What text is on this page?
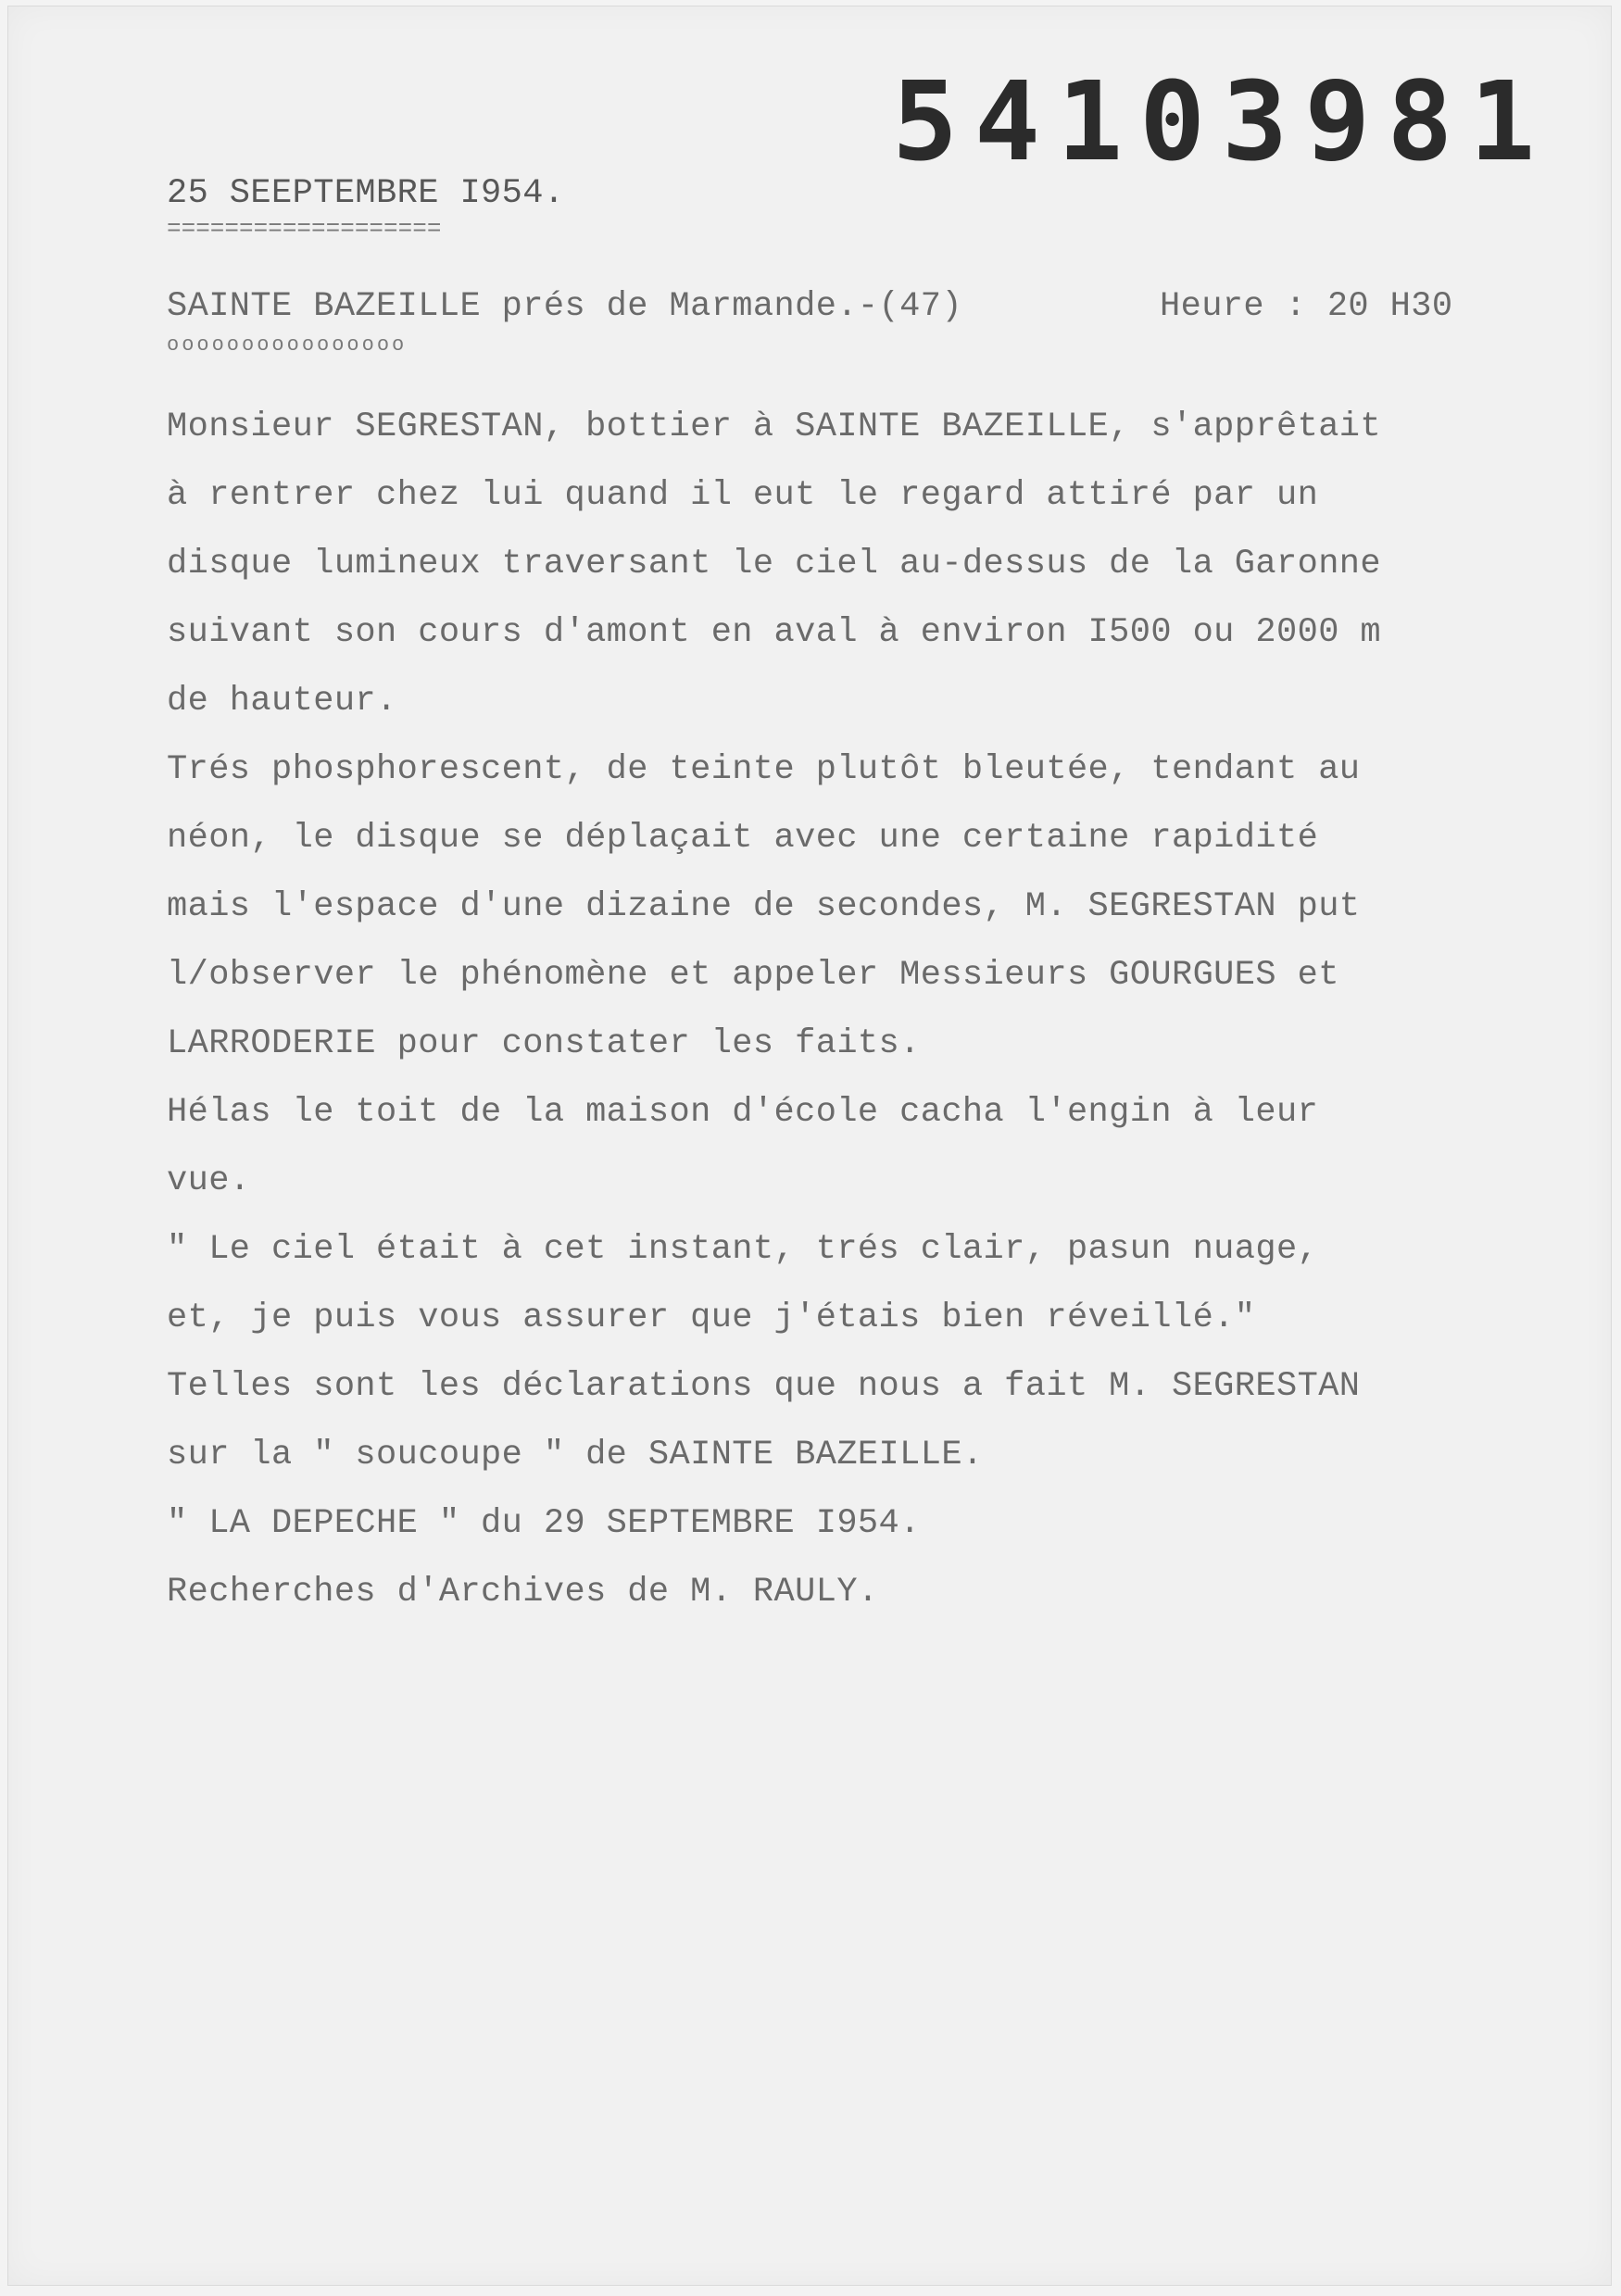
54103981
25 SEEPTEMBRE I954.
===================
SAINTE BAZEILLE prés de Marmande.-(47)	Heure : 20 H30
oooooooooooooooo
Monsieur SEGRESTAN, bottier à SAINTE BAZEILLE, s'apprêtait
à rentrer chez lui quand il eut le regard attiré par un
disque lumineux traversant le ciel au-dessus de la Garonne
suivant son cours d'amont en aval à environ I500 ou 2000 m
de hauteur.
Trés phosphorescent, de teinte plutôt bleutée, tendant au
néon, le disque se déplaçait avec une certaine rapidité
mais l'espace d'une dizaine de secondes, M. SEGRESTAN put
l/observer le phénomène et appeler Messieurs GOURGUES et
LARRODERIE pour constater les faits.
Hélas le toit de la maison d'école cacha l'engin à leur
vue.
" Le ciel était à cet instant, trés clair, pasun nuage,
et, je puis vous assurer que j'étais bien réveillé."
Telles sont les déclarations que nous a fait M. SEGRESTAN
sur la " soucoupe " de SAINTE BAZEILLE.
" LA DEPECHE " du 29 SEPTEMBRE I954.
Recherches d'Archives de M. RAULY.
